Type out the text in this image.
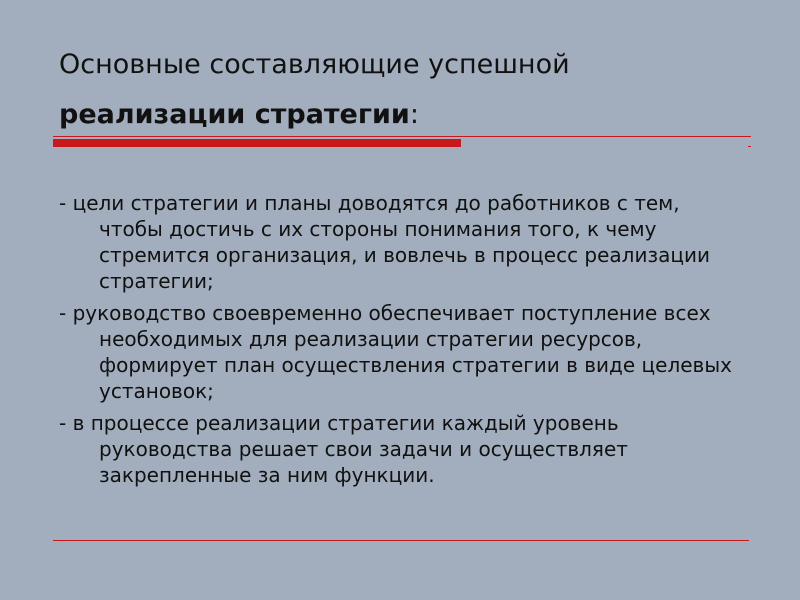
Основные составляющие успешной
реализации стратегии:

- цели стратегии и планы доводятся до работников с тем, чтобы достичь с их стороны понимания того, к чему стремится организация, и вовлечь в процесс реализации стратегии;

- руководство своевременно обеспечивает поступление всех необходимых для реализации стратегии ресурсов, формирует план осуществления стратегии в виде целевых установок;

- в процессе реализации стратегии каждый уровень руководства решает свои задачи и осуществляет закрепленные за ним функции.
